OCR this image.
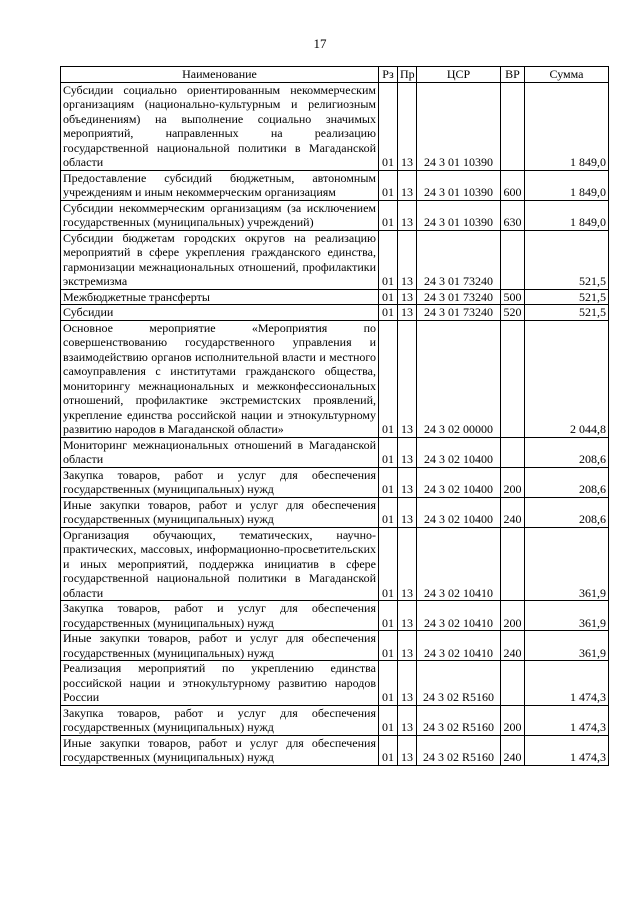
17
Наименование	Рз	Пр	ЦСР	ВР	Сумма
Субсидии социально ориентированным некоммерческим организациям (национально-культурным и религиозным объединениям) на выполнение социально значимых мероприятий, направленных на реализацию государственной национальной политики в Магаданской области	01	13	24 3 01 10390		1 849,0
Предоставление субсидий бюджетным, автономным учреждениям и иным некоммерческим организациям	01	13	24 3 01 10390	600	1 849,0
Субсидии некоммерческим организациям (за исключением государственных (муниципальных) учреждений)	01	13	24 3 01 10390	630	1 849,0
Субсидии бюджетам городских округов на реализацию мероприятий в сфере укрепления гражданского единства, гармонизации межнациональных отношений, профилактики экстремизма	01	13	24 3 01 73240		521,5
Межбюджетные трансферты	01	13	24 3 01 73240	500	521,5
Субсидии	01	13	24 3 01 73240	520	521,5
Основное мероприятие «Мероприятия по совершенствованию государственного управления и взаимодействию органов исполнительной власти и местного самоуправления с институтами гражданского общества, мониторингу межнациональных и межконфессиональных отношений, профилактике экстремистских проявлений, укрепление единства российской нации и этнокультурному развитию народов в Магаданской области»	01	13	24 3 02 00000		2 044,8
Мониторинг межнациональных отношений в Магаданской области	01	13	24 3 02 10400		208,6
Закупка товаров, работ и услуг для обеспечения государственных (муниципальных) нужд	01	13	24 3 02 10400	200	208,6
Иные закупки товаров, работ и услуг для обеспечения государственных (муниципальных) нужд	01	13	24 3 02 10400	240	208,6
Организация обучающих, тематических, научно-практических, массовых, информационно-просветительских и иных мероприятий, поддержка инициатив в сфере государственной национальной политики в Магаданской области	01	13	24 3 02 10410		361,9
Закупка товаров, работ и услуг для обеспечения государственных (муниципальных) нужд	01	13	24 3 02 10410	200	361,9
Иные закупки товаров, работ и услуг для обеспечения государственных (муниципальных) нужд	01	13	24 3 02 10410	240	361,9
Реализация мероприятий по укреплению единства российской нации и этнокультурному развитию народов России	01	13	24 3 02 R5160		1 474,3
Закупка товаров, работ и услуг для обеспечения государственных (муниципальных) нужд	01	13	24 3 02 R5160	200	1 474,3
Иные закупки товаров, работ и услуг для обеспечения государственных (муниципальных) нужд	01	13	24 3 02 R5160	240	1 474,3
